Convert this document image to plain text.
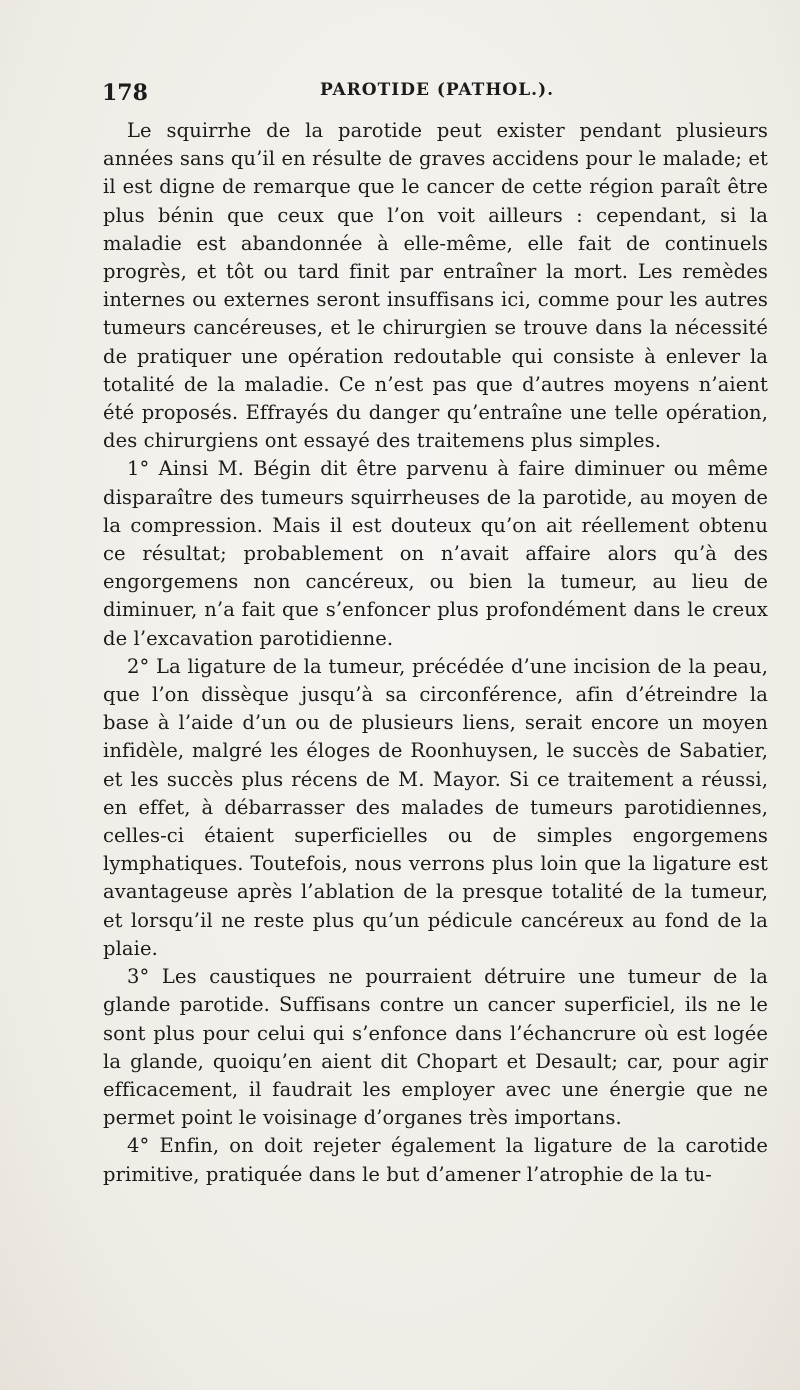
178	PAROTIDE (PATHOL.).

Le squirrhe de la parotide peut exister pendant plusieurs années sans qu’il en résulte de graves accidens pour le malade; et il est digne de remarque que le cancer de cette région paraît être plus bénin que ceux que l’on voit ailleurs : cependant, si la maladie est abandonnée à elle-même, elle fait de continuels progrès, et tôt ou tard finit par entraîner la mort. Les remèdes internes ou externes seront insuffisans ici, comme pour les autres tumeurs cancéreuses, et le chirurgien se trouve dans la nécessité de pratiquer une opération redoutable qui consiste à enlever la totalité de la maladie. Ce n’est pas que d’autres moyens n’aient été proposés. Effrayés du danger qu’entraîne une telle opération, des chirurgiens ont essayé des traitemens plus simples.

1° Ainsi M. Bégin dit être parvenu à faire diminuer ou même disparaître des tumeurs squirrheuses de la parotide, au moyen de la compression. Mais il est douteux qu’on ait réellement obtenu ce résultat; probablement on n’avait affaire alors qu’à des engorgemens non cancéreux, ou bien la tumeur, au lieu de diminuer, n’a fait que s’enfoncer plus profondément dans le creux de l’excavation parotidienne.

2° La ligature de la tumeur, précédée d’une incision de la peau, que l’on dissèque jusqu’à sa circonférence, afin d’étreindre la base à l’aide d’un ou de plusieurs liens, serait encore un moyen infidèle, malgré les éloges de Roonhuysen, le succès de Sabatier, et les succès plus récens de M. Mayor. Si ce traitement a réussi, en effet, à débarrasser des malades de tumeurs parotidiennes, celles-ci étaient superficielles ou de simples engorgemens lymphatiques. Toutefois, nous verrons plus loin que la ligature est avantageuse après l’ablation de la presque totalité de la tumeur, et lorsqu’il ne reste plus qu’un pédicule cancéreux au fond de la plaie.

3° Les caustiques ne pourraient détruire une tumeur de la glande parotide. Suffisans contre un cancer superficiel, ils ne le sont plus pour celui qui s’enfonce dans l’échancrure où est logée la glande, quoiqu’en aient dit Chopart et Desault; car, pour agir efficacement, il faudrait les employer avec une énergie que ne permet point le voisinage d’organes très importans.

4° Enfin, on doit rejeter également la ligature de la carotide primitive, pratiquée dans le but d’amener l’atrophie de la tu-
